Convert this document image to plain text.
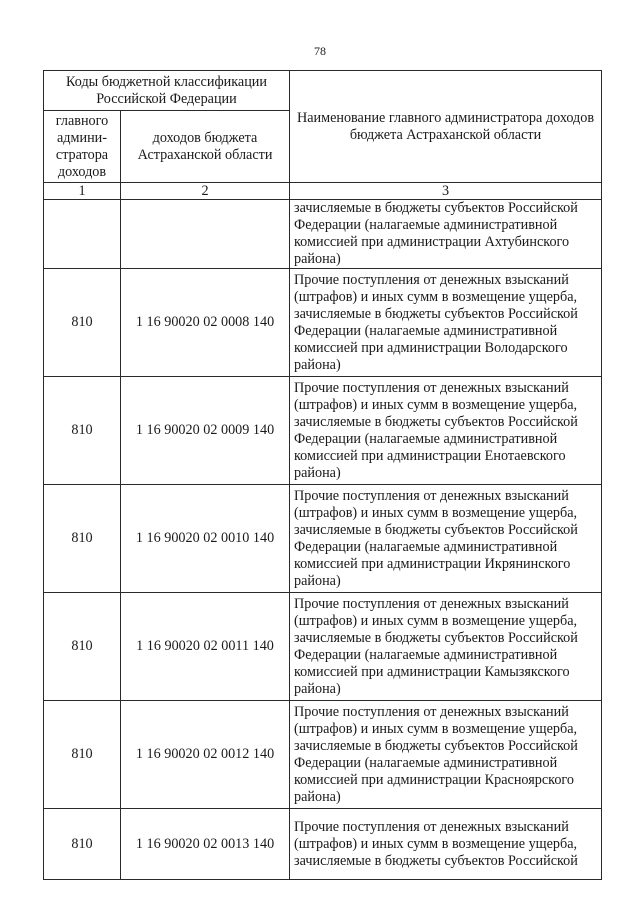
78
Коды бюджетной классификации Российской Федерации		Наименование главного администратора доходов бюджета Астраханской области
главного админи-стратора доходов	доходов бюджета Астраханской области	
1	2	3
		зачисляемые в бюджеты субъектов Российской Федерации (налагаемые административной комиссией при администрации Ахтубинского района)
810	1 16 90020 02 0008 140	Прочие поступления от денежных взысканий (штрафов) и иных сумм в возмещение ущерба, зачисляемые в бюджеты субъектов Российской Федерации (налагаемые административной комиссией при администрации Володарского района)
810	1 16 90020 02 0009 140	Прочие поступления от денежных взысканий (штрафов) и иных сумм в возмещение ущерба, зачисляемые в бюджеты субъектов Российской Федерации (налагаемые административной комиссией при администрации Енотаевского района)
810	1 16 90020 02 0010 140	Прочие поступления от денежных взысканий (штрафов) и иных сумм в возмещение ущерба, зачисляемые в бюджеты субъектов Российской Федерации (налагаемые административной комиссией при администрации Икрянинского района)
810	1 16 90020 02 0011 140	Прочие поступления от денежных взысканий (штрафов) и иных сумм в возмещение ущерба, зачисляемые в бюджеты субъектов Российской Федерации (налагаемые административной комиссией при администрации Камызякского района)
810	1 16 90020 02 0012 140	Прочие поступления от денежных взысканий (штрафов) и иных сумм в возмещение ущерба, зачисляемые в бюджеты субъектов Российской Федерации (налагаемые административной комиссией при администрации Красноярского района)
810	1 16 90020 02 0013 140	Прочие поступления от денежных взысканий (штрафов) и иных сумм в возмещение ущерба, зачисляемые в бюджеты субъектов Российской
